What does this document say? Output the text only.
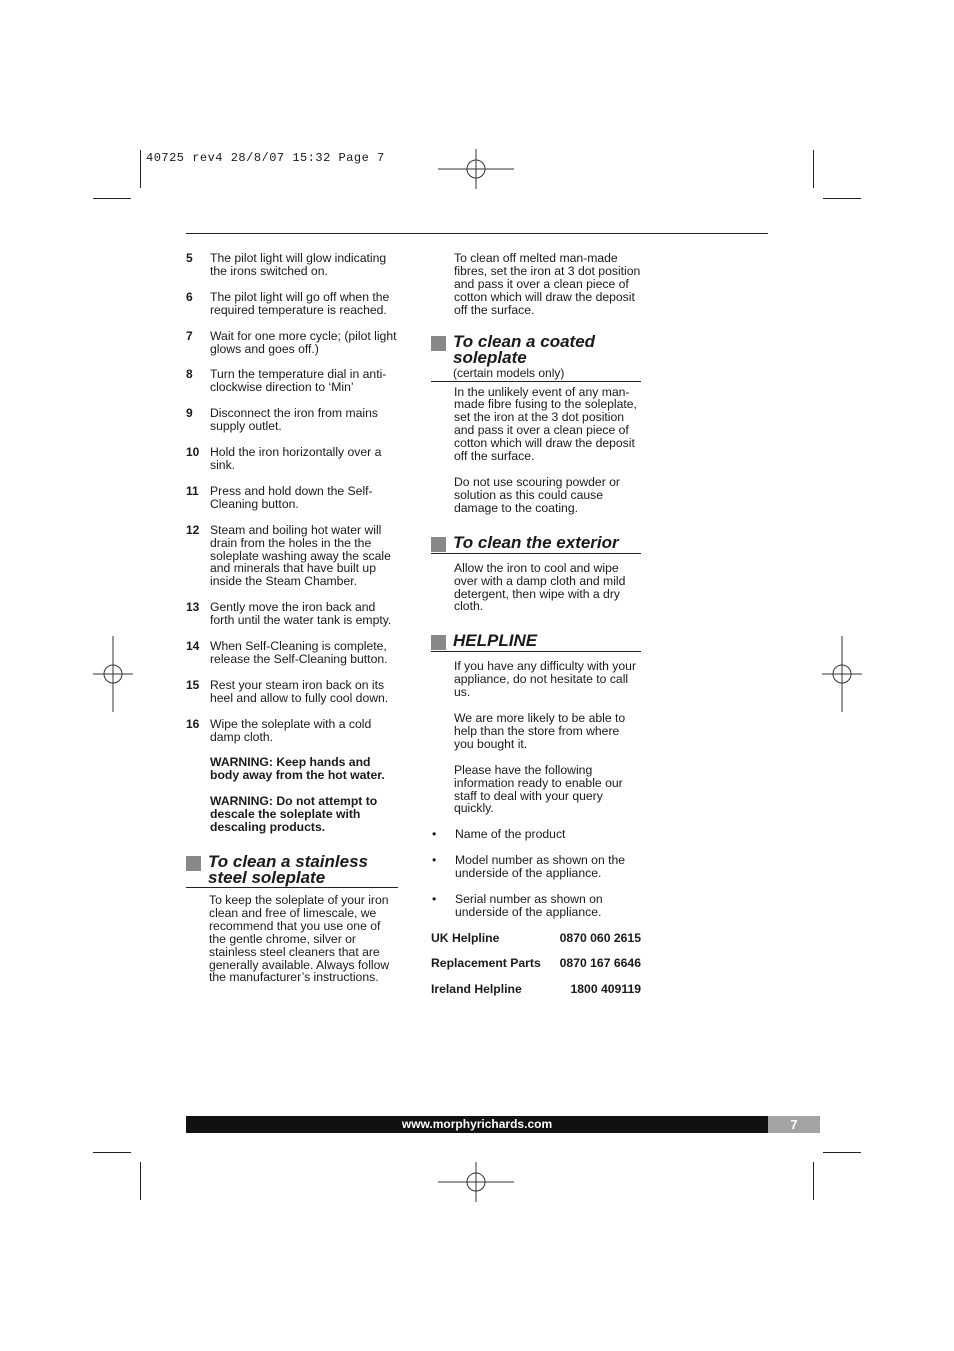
40725 rev4 28/8/07 15:32 Page 7
5	The pilot light will glow indicating the irons switched on.
6	The pilot light will go off when the required temperature is reached.
7	Wait for one more cycle; (pilot light glows and goes off.)
8	Turn the temperature dial in anti-clockwise direction to ‘Min’
9	Disconnect the iron from mains supply outlet.
10 Hold the iron horizontally over a sink.
11 Press and hold down the Self-Cleaning button.
12 Steam and boiling hot water will drain from the holes in the the soleplate washing away the scale and minerals that have built up inside the Steam Chamber.
13 Gently move the iron back and forth until the water tank is empty.
14 When Self-Cleaning is complete, release the Self-Cleaning button.
15 Rest your steam iron back on its heel and allow to fully cool down.
16 Wipe the soleplate with a cold damp cloth.
WARNING: Keep hands and body away from the hot water.
WARNING: Do not attempt to descale the soleplate with descaling products.
To clean a stainless steel soleplate
To keep the soleplate of your iron clean and free of limescale, we recommend that you use one of the gentle chrome, silver or stainless steel cleaners that are generally available. Always follow the manufacturer’s instructions.
To clean off melted man-made fibres, set the iron at 3 dot position and pass it over a clean piece of cotton which will draw the deposit off the surface.
To clean a coated soleplate
(certain models only)
In the unlikely event of any man-made fibre fusing to the soleplate, set the iron at the 3 dot position and pass it over a clean piece of cotton which will draw the deposit off the surface.
Do not use scouring powder or solution as this could cause damage to the coating.
To clean the exterior
Allow the iron to cool and wipe over with a damp cloth and mild detergent, then wipe with a dry cloth.
HELPLINE
If you have any difficulty with your appliance, do not hesitate to call us.
We are more likely to be able to help than the store from where you bought it.
Please have the following information ready to enable our staff to deal with your query quickly.
•	Name of the product
•	Model number as shown on the underside of the appliance.
•	Serial number as shown on underside of the appliance.
UK Helpline	0870 060 2615
Replacement Parts 0870 167 6646
Ireland Helpline	1800 409119
www.morphyrichards.com	7
